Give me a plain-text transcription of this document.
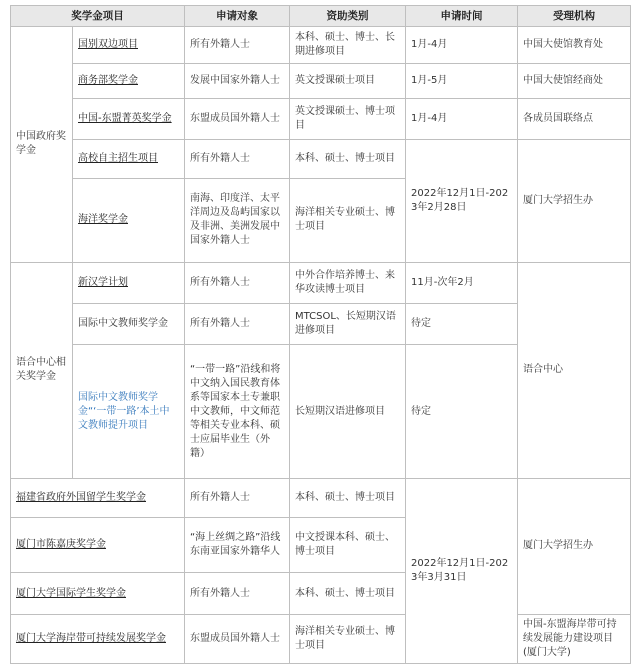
奖学金项目		申请对象	资助类别	申请时间	受理机构
中国政府奖学金	国别双边项目	所有外籍人士	本科、硕士、博士、长期进修项目	1月-4月	中国大使馆教育处
	商务部奖学金	发展中国家外籍人士	英文授课硕士项目	1月-5月	中国大使馆经商处
	中国-东盟菁英奖学金	东盟成员国外籍人士	英文授课硕士、博士项目	1月-4月	各成员国联络点
	高校自主招生项目	所有外籍人士	本科、硕士、博士项目	2022年12月1日-2023年2月28日	厦门大学招生办
	海洋奖学金	南海、印度洋、太平洋周边及岛屿国家以及非洲、美洲发展中国家外籍人士	海洋相关专业硕士、博士项目		
语合中心相关奖学金	新汉学计划	所有外籍人士	中外合作培养博士、来华攻读博士项目	11月-次年2月	语合中心
	国际中文教师奖学金	所有外籍人士	MTCSOL、长短期汉语进修项目	待定	
	国际中文教师奖学金“‘一带一路’本土中文教师提升项目	“一带一路”沿线和将中文纳入国民教育体系等国家本土专兼职中文教师，中文师范等相关专业本科、硕士应届毕业生（外籍）	长短期汉语进修项目	待定	
福建省政府外国留学生奖学金		所有外籍人士	本科、硕士、博士项目	2022年12月1日-2023年3月31日	厦门大学招生办
厦门市陈嘉庚奖学金		“海上丝绸之路”沿线东南亚国家外籍华人	中文授课本科、硕士、博士项目		
厦门大学国际学生奖学金		所有外籍人士	本科、硕士、博士项目		
厦门大学海岸带可持续发展奖学金		东盟成员国外籍人士	海洋相关专业硕士、博士项目		中国-东盟海岸带可持续发展能力建设项目(厦门大学)
